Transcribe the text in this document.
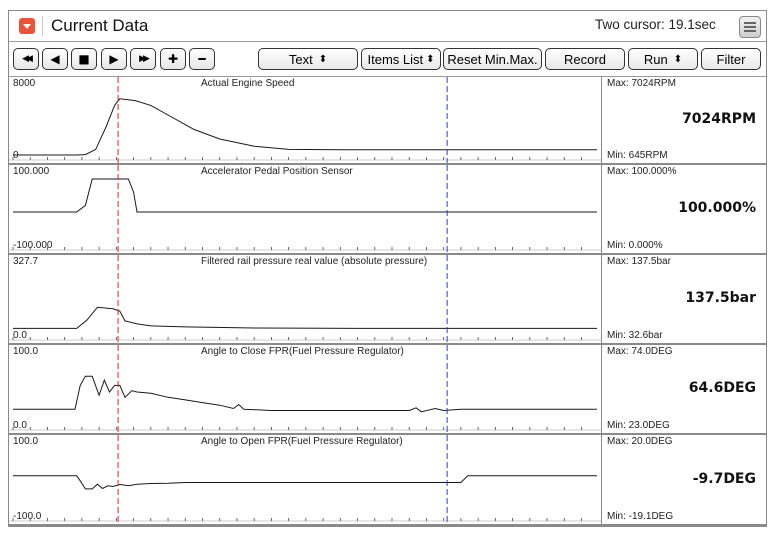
Current Data	Two cursor: 19.1sec
◀◀ ◀ ■ ▶ ▶▶ ✚ ━	Text ⬍	Items List ⬍ Reset Min.Max.	Record	Run ⬍	Filter
8000
0
Actual Engine Speed	Max: 7024RPM
7024RPM
Min: 645RPM
100.000
-100.000
Accelerator Pedal Position Sensor	Max: 100.000%
100.000%
Min: 0.000%
327.7
0.0
Filtered rail pressure real value (absolute pressure)	Max: 137.5bar
137.5bar
Min: 32.6bar
100.0
0.0
Angle to Close FPR(Fuel Pressure Regulator)	Max: 74.0DEG
64.6DEG
Min: 23.0DEG
100.0
-100.0
Angle to Open FPR(Fuel Pressure Regulator)	Max: 20.0DEG
-9.7DEG
Min: -19.1DEG
